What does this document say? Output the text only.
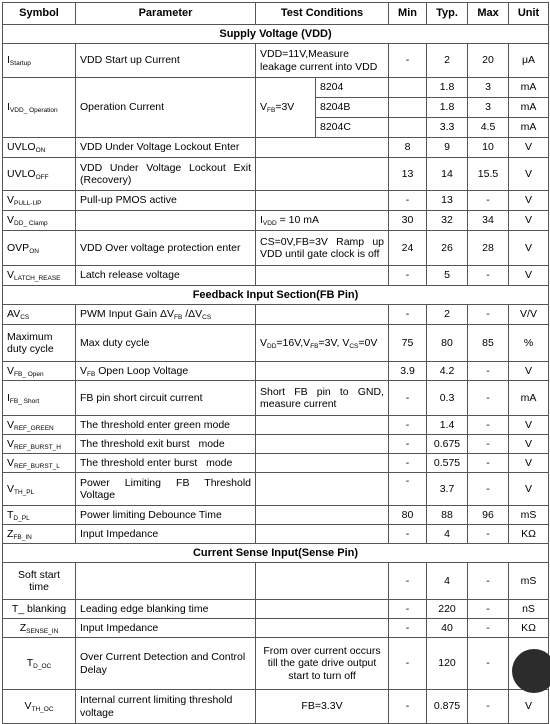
Symbol	Parameter	Test Conditions		Min	Typ.	Max	Unit
Supply Voltage (VDD)							
$I_{Startup}$	VDD Start up Current	VDD=11V,Measure leakage current into VDD		-	2	20	μA
$I_{VDD\_ Operation}$	Operation Current	$V_{FB}=3V$	8204		1.8	3	mA
			8204B		1.8	3	mA
			8204C		3.3	4.5	mA
$UVLO_{ON}$	VDD Under Voltage Lockout Enter			8	9	10	V
$UVLO_{OFF}$	VDD Under Voltage Lockout Exit (Recovery)			13	14	15.5	V
$V_{PULL-UP}$	Pull-up PMOS active			-	13	-	V
$V_{DD\_ Clamp}$		$I_{VDD} = 10$ mA		30	32	34	V
$OVP_{ON}$	VDD Over voltage protection enter	CS=0V,FB=3V Ramp up VDD until gate clock is off		24	26	28	V
$V_{LATCH\_REASE}$	Latch release voltage			-	5	-	V
Feedback Input Section(FB Pin)							
$AV_{CS}$	PWM Input Gain $\Delta V_{FB}$ $/\Delta V_{CS}$			-	2	-	V/V
Maximum duty cycle	Max duty cycle	$V_{DD}=16V,V_{FB}=3V$, $V_{CS}=0V$		75	80	85	%
$V_{FB\_ Open}$	$V_{FB}$ Open Loop Voltage			3.9	4.2	-	V
$I_{FB\_ Short}$	FB pin short circuit current	Short FB pin to GND, measure current		-	0.3	-	mA
$V_{REF\_GREEN}$	The threshold enter green mode			-	1.4	-	V
$V_{REF\_BURST\_H}$	The threshold exit burst   mode			-	0.675	-	V
$V_{REF\_BURST\_L}$	The threshold enter burst   mode			-	0.575	-	V
$V_{TH\_PL}$	Power Limiting FB Threshold Voltage			-	3.7	-	V
$T_{D\_PL}$	Power limiting Debounce Time			80	88	96	mS
$Z_{FB\_IN}$	Input Impedance			-	4	-	KΩ
Current Sense Input(Sense Pin)							
Soft start time				-	4	-	mS
T_ blanking	Leading edge blanking time			-	220	-	nS
$Z_{SENSE\_IN}$	Input Impedance			-	40	-	KΩ
$T_{D\_OC}$	Over Current Detection and Control Delay	From over current occurs till the gate drive output start to turn off		-	120	-	
$V_{TH\_OC}$	Internal current limiting threshold voltage	FB=3.3V		-	0.875	-	V
